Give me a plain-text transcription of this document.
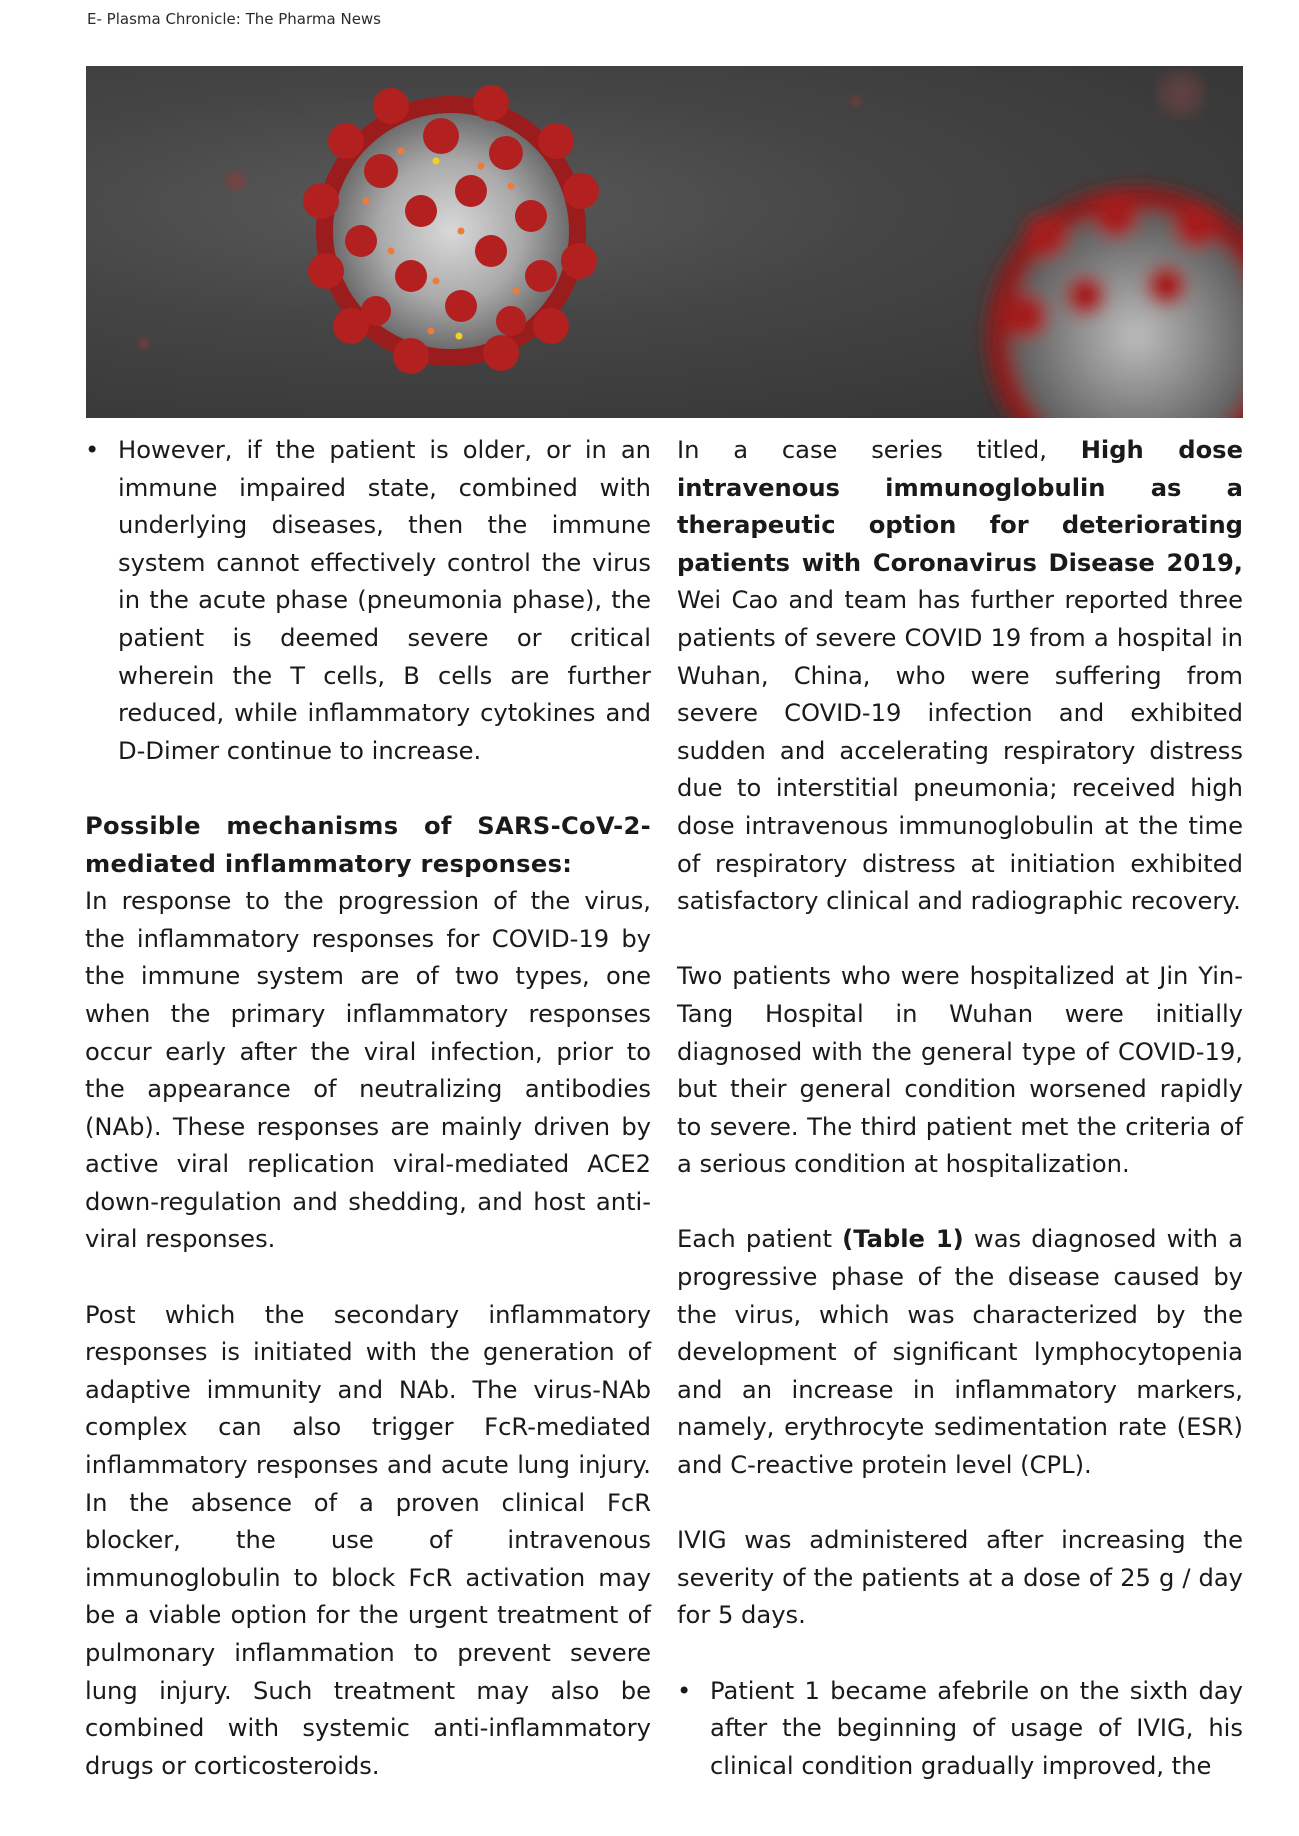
E- Plasma Chronicle: The Pharma News

• However, if the patient is older, or in an immune impaired state, combined with underlying diseases, then the immune system cannot effectively control the virus in the acute phase (pneumonia phase), the patient is deemed severe or critical wherein the T cells, B cells are further reduced, while inflammatory cytokines and D-Dimer continue to increase.

Possible mechanisms of SARS-CoV-2-mediated inflammatory responses:

In response to the progression of the virus, the inflammatory responses for COVID-19 by the immune system are of two types, one when the primary inflammatory responses occur early after the viral infection, prior to the appearance of neutralizing antibodies (NAb). These responses are mainly driven by active viral replication viral-mediated ACE2 down-regulation and shedding, and host anti-viral responses.

Post which the secondary inflammatory responses is initiated with the generation of adaptive immunity and NAb. The virus-NAb complex can also trigger FcR-mediated inflammatory responses and acute lung injury. In the absence of a proven clinical FcR blocker, the use of intravenous immunoglobulin to block FcR activation may be a viable option for the urgent treatment of pulmonary inflammation to prevent severe lung injury. Such treatment may also be combined with systemic anti-inflammatory drugs or corticosteroids.

In a case series titled, High dose intravenous immunoglobulin as a therapeutic option for deteriorating patients with Coronavirus Disease 2019, Wei Cao and team has further reported three patients of severe COVID 19 from a hospital in Wuhan, China, who were suffering from severe COVID-19 infection and exhibited sudden and accelerating respiratory distress due to interstitial pneumonia; received high dose intravenous immunoglobulin at the time of respiratory distress at initiation exhibited satisfactory clinical and radiographic recovery.

Two patients who were hospitalized at Jin Yin-Tang Hospital in Wuhan were initially diagnosed with the general type of COVID-19, but their general condition worsened rapidly to severe. The third patient met the criteria of a serious condition at hospitalization.

Each patient (Table 1) was diagnosed with a progressive phase of the disease caused by the virus, which was characterized by the development of significant lymphocytopenia and an increase in inflammatory markers, namely, erythrocyte sedimentation rate (ESR) and C-reactive protein level (CPL).

IVIG was administered after increasing the severity of the patients at a dose of 25 g / day for 5 days.

• Patient 1 became afebrile on the sixth day after the beginning of usage of IVIG, his clinical condition gradually improved, the
